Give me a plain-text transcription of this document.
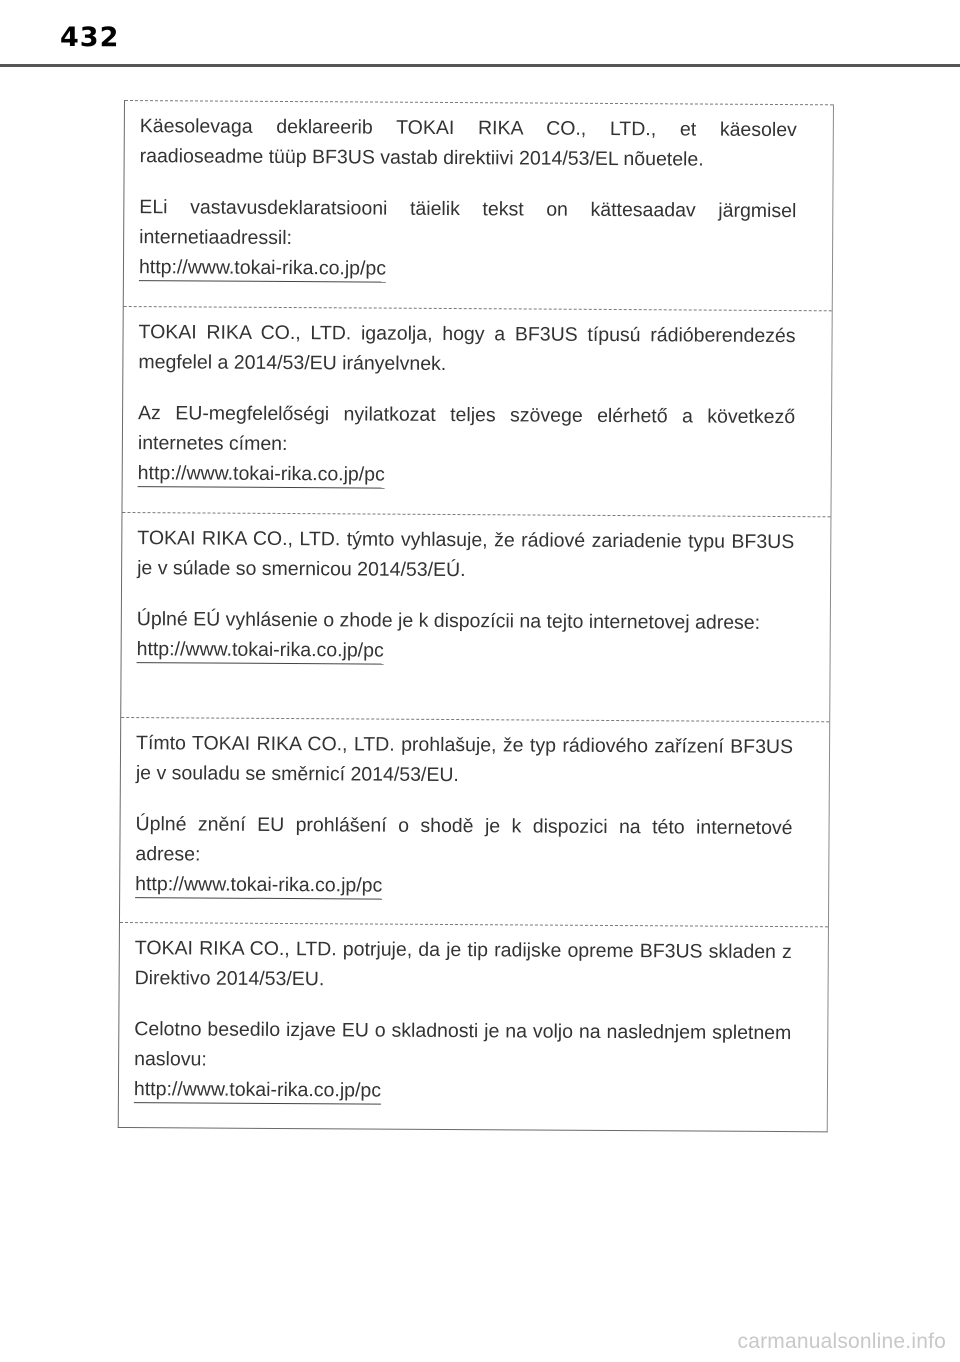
432

Käesolevaga deklareerib TOKAI RIKA CO., LTD., et käesolev raadioseadme tüüp BF3US vastab direktiivi 2014/53/EL nõuetele.

ELi vastavusdeklaratsiooni täielik tekst on kättesaadav järgmisel internetiaadressil:

http://www.tokai-rika.co.jp/pc

TOKAI RIKA CO., LTD. igazolja, hogy a BF3US típusú rádióberendezés megfelel a 2014/53/EU irányelvnek.

Az EU-megfelelőségi nyilatkozat teljes szövege elérhető a következő internetes címen:

http://www.tokai-rika.co.jp/pc

TOKAI RIKA CO., LTD. týmto vyhlasuje, že rádiové zariadenie typu BF3US je v súlade so smernicou 2014/53/EÚ.

Úplné EÚ vyhlásenie o zhode je k dispozícii na tejto internetovej adrese:

http://www.tokai-rika.co.jp/pc

Tímto TOKAI RIKA CO., LTD. prohlašuje, že typ rádiového zařízení BF3US je v souladu se směrnicí 2014/53/EU.

Úplné znění EU prohlášení o shodě je k dispozici na této internetové adrese:

http://www.tokai-rika.co.jp/pc

TOKAI RIKA CO., LTD. potrjuje, da je tip radijske opreme BF3US skladen z Direktivo 2014/53/EU.

Celotno besedilo izjave EU o skladnosti je na voljo na naslednjem spletnem naslovu:

http://www.tokai-rika.co.jp/pc
carmanualsonline.info
